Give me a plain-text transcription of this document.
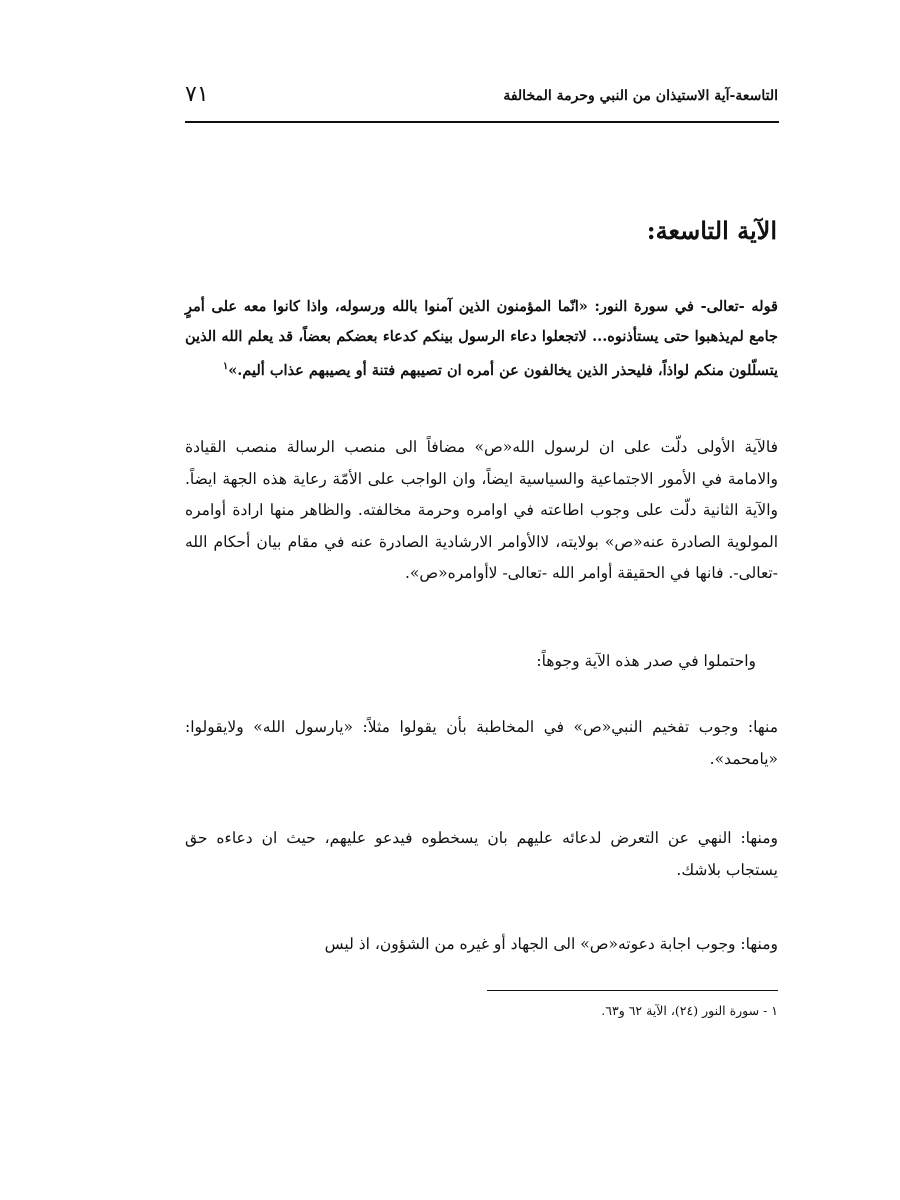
التاسعة-آية الاستيذان من النبي وحرمة المخالفة
٧١
الآية التاسعة:
قوله -تعالى- في سورة النور: «انّما المؤمنون الذين آمنوا بالله ورسوله، واذا كانوا معه على أمرٍ جامع لم‌يذهبوا حتى يستأذنوه... لاتجعلوا دعاء الرسول بينكم كدعاء بعضكم بعضاً، قد يعلم الله الذين يتسلّلون منكم لواذاً، فليحذر الذين يخالفون عن أمره ان تصيبهم فتنة أو يصيبهم عذاب أليم.»$^١$
فالآية الأولى دلّت على ان لرسول الله«ص» مضافاً الى منصب الرسالة منصب القيادة والامامة في الأمور الاجتماعية والسياسية ايضاً، وان الواجب على الأمّة رعاية هذه الجهة ايضاً. والآية الثانية دلّت على وجوب اطاعته في اوامره وحرمة مخالفته. والظاهر منها ارادة أوامره المولوية الصادرة عنه«ص» بولايته، لاالأوامر الارشادية الصادرة عنه في مقام بيان أحكام الله -تعالى-. فانها في الحقيقة أوامر الله -تعالى- لاأوامره«ص».
واحتملوا في صدر هذه الآية وجوهاً:
منها: وجوب تفخيم النبي«ص» في المخاطبة بأن يقولوا مثلاً: «يارسول الله» ولايقولوا: «يامحمد».
ومنها: النهي عن التعرض لدعائه عليهم بان يسخطوه فيدعو عليهم، حيث ان دعاءه حق يستجاب بلاشك.
ومنها: وجوب اجابة دعوته«ص» الى الجهاد أو غيره من الشؤون، اذ ليس
١ - سورة النور (٢٤)، الآية ٦٢ و٦٣.
